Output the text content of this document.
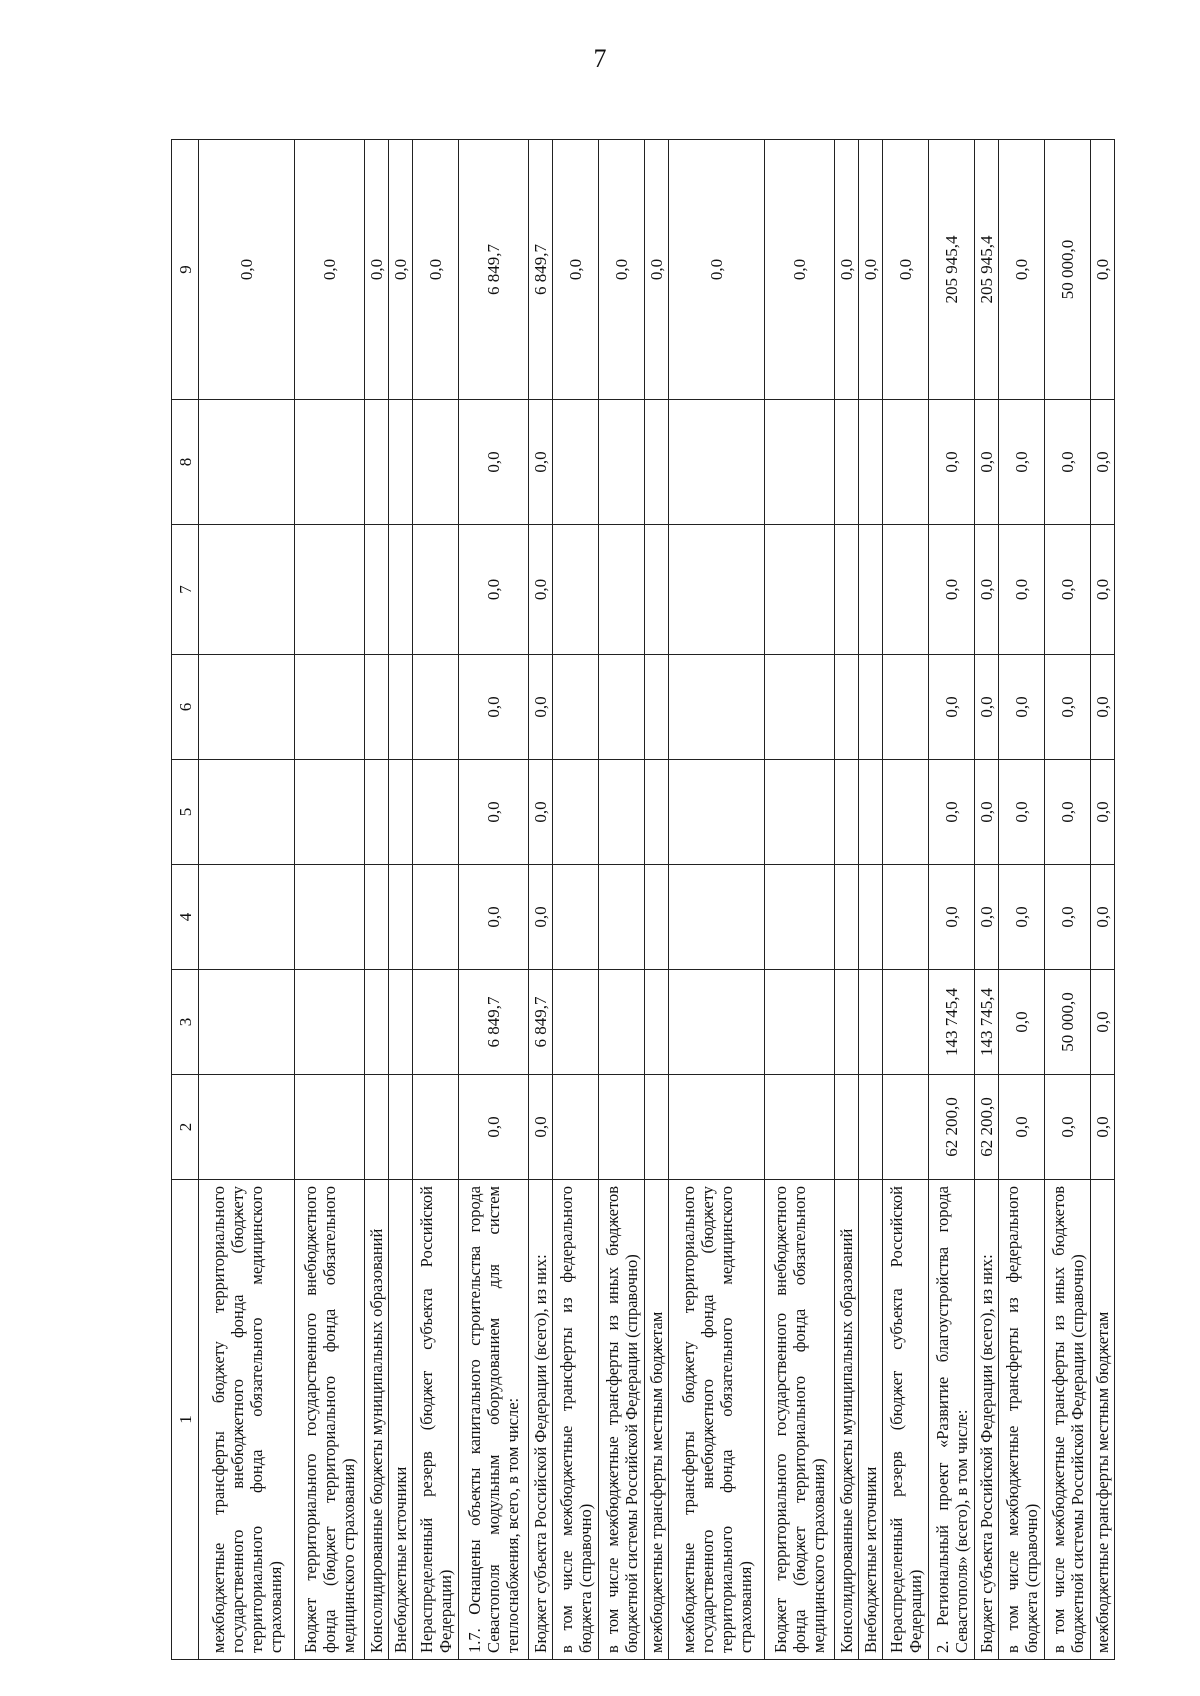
7
1	2	3	4	5	6	7	8	9
межбюджетные трансферты бюджету территориального государственного внебюджетного фонда (бюджету территориального фонда обязательного медицинского страхования)								0,0
Бюджет территориального государственного внебюджетного фонда (бюджет территориального фонда обязательного медицинского страхования)								0,0
Консолидированные бюджеты муниципальных образований								0,0
Внебюджетные источники								0,0
Нераспределенный резерв (бюджет субъекта Российской Федерации)								0,0
1.7. Оснащены объекты капитального строительства города Севастополя модульным оборудованием для систем теплоснабжения, всего, в том числе:	0,0	6 849,7	0,0	0,0	0,0	0,0	0,0	6 849,7
Бюджет субъекта Российской Федерации (всего), из них:	0,0	6 849,7	0,0	0,0	0,0	0,0	0,0	6 849,7
в том числе межбюджетные трансферты из федерального бюджета (справочно)								0,0
в том числе межбюджетные трансферты из иных бюджетов бюджетной системы Российской Федерации (справочно)								0,0
межбюджетные трансферты местным бюджетам								0,0
межбюджетные трансферты бюджету территориального государственного внебюджетного фонда (бюджету территориального фонда обязательного медицинского страхования)								0,0
Бюджет территориального государственного внебюджетного фонда (бюджет территориального фонда обязательного медицинского страхования)								0,0
Консолидированные бюджеты муниципальных образований								0,0
Внебюджетные источники								0,0
Нераспределенный резерв (бюджет субъекта Российской Федерации)								0,0
2. Региональный проект «Развитие благоустройства города Севастополя» (всего), в том числе:	62 200,0	143 745,4	0,0	0,0	0,0	0,0	0,0	205 945,4
Бюджет субъекта Российской Федерации (всего), из них:	62 200,0	143 745,4	0,0	0,0	0,0	0,0	0,0	205 945,4
в том числе межбюджетные трансферты из федерального бюджета (справочно)	0,0	0,0	0,0	0,0	0,0	0,0	0,0	0,0
в том числе межбюджетные трансферты из иных бюджетов бюджетной системы Российской Федерации (справочно)	0,0	50 000,0	0,0	0,0	0,0	0,0	0,0	50 000,0
межбюджетные трансферты местным бюджетам	0,0	0,0	0,0	0,0	0,0	0,0	0,0	0,0
